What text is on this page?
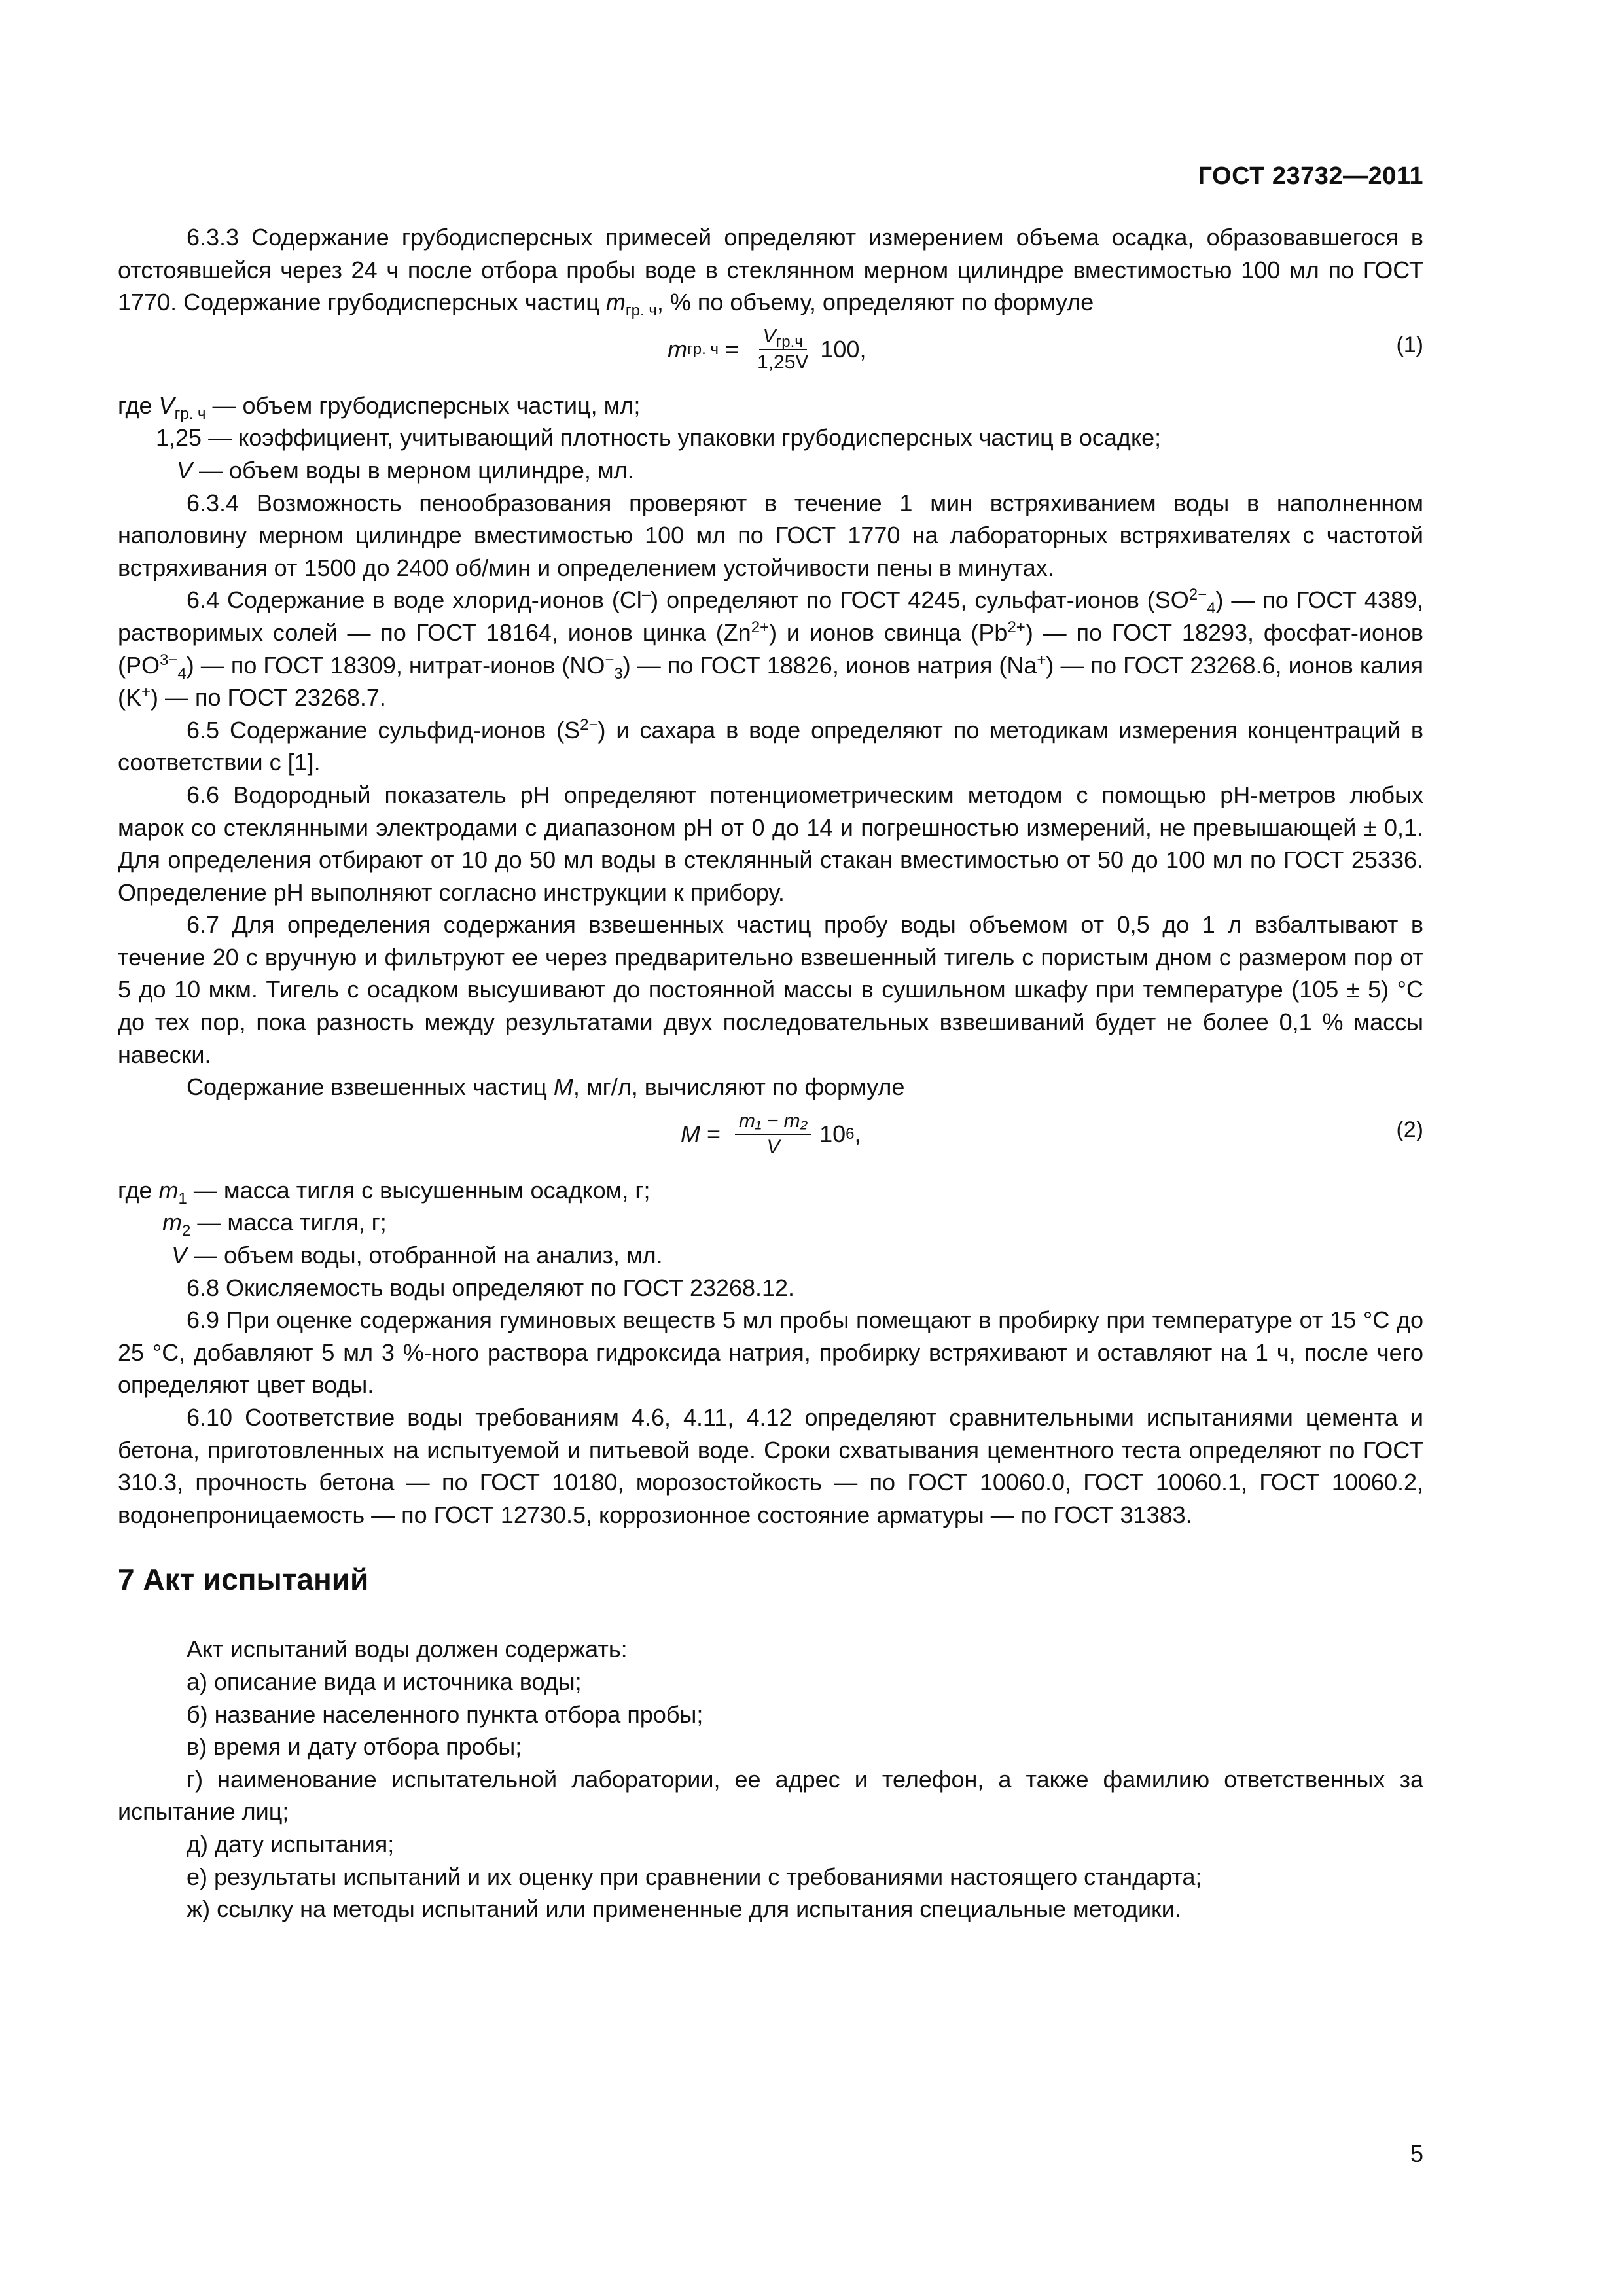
ГОСТ 23732—2011

6.3.3 Содержание грубодисперсных примесей определяют измерением объема осадка, образовавшегося в отстоявшейся через 24 ч после отбора пробы воде в стеклянном мерном цилиндре вместимостью 100 мл по ГОСТ 1770. Содержание грубодисперсных частиц $m_{гр. ч}$, % по объему, определяют по формуле

m гр. $ч = \frac{V_{гр.ч}}{1,25V} 100$,	(1)

где $V_{гр. ч}$ — объем грубодисперсных частиц, мл;

1,25 — коэффициент, учитывающий плотность упаковки грубодисперсных частиц в осадке;

V — объем воды в мерном цилиндре, мл.

6.3.4 Возможность пенообразования проверяют в течение 1 мин встряхиванием воды в наполненном наполовину мерном цилиндре вместимостью 100 мл по ГОСТ 1770 на лабораторных встряхивателях с частотой встряхивания от 1500 до 2400 об/мин и определением устойчивости пены в минутах.

6.4 Содержание в воде хлорид-ионов (Cl–) определяют по ГОСТ 4245, сульфат-ионов $(SO^{2-}_4)$ — по ГОСТ 4389, растворимых солей — по ГОСТ 18164, ионов цинка $(Zn^{2+})$ и ионов свинца $(Pb^{2+})$ — по ГОСТ 18293, фосфат-ионов $(PO^{3-}_4)$ — по ГОСТ 18309, нитрат-ионов $(NO^-_3)$ — по ГОСТ 18826, ионов натрия (Na+) — по ГОСТ 23268.6, ионов калия (K+) — по ГОСТ 23268.7.

6.5 Содержание сульфид-ионов $(S^{2-})$ и сахара в воде определяют по методикам измерения концентраций в соответствии с [1].

6.6 Водородный показатель рН определяют потенциометрическим методом с помощью рН-метров любых марок со стеклянными электродами с диапазоном рН от 0 до 14 и погрешностью измерений, не превышающей ± 0,1. Для определения отбирают от 10 до 50 мл воды в стеклянный стакан вместимостью от 50 до 100 мл по ГОСТ 25336. Определение рН выполняют согласно инструкции к прибору.

6.7 Для определения содержания взвешенных частиц пробу воды объемом от 0,5 до 1 л взбалтывают в течение 20 с вручную и фильтруют ее через предварительно взвешенный тигель с пористым дном с размером пор от 5 до 10 мкм. Тигель с осадком высушивают до постоянной массы в сушильном шкафу при температуре (105 ± 5) °С до тех пор, пока разность между результатами двух последовательных взвешиваний будет не более 0,1 % массы навески.

Содержание взвешенных частиц M, мг/л, вычисляют по формуле

$M = \frac{\text{m₁ − m₂}}{V} 10$ 6 ,	(2)

где $m_1$ — масса тигля с высушенным осадком, г;

$m_2$ — масса тигля, г;

V — объем воды, отобранной на анализ, мл.

6.8 Окисляемость воды определяют по ГОСТ 23268.12.

6.9 При оценке содержания гуминовых веществ 5 мл пробы помещают в пробирку при температуре от 15 °С до 25 °С, добавляют 5 мл 3 %-ного раствора гидроксида натрия, пробирку встряхивают и оставляют на 1 ч, после чего определяют цвет воды.

6.10 Соответствие воды требованиям 4.6, 4.11, 4.12 определяют сравнительными испытаниями цемента и бетона, приготовленных на испытуемой и питьевой воде. Сроки схватывания цементного теста определяют по ГОСТ 310.3, прочность бетона — по ГОСТ 10180, морозостойкость — по ГОСТ 10060.0, ГОСТ 10060.1, ГОСТ 10060.2, водонепроницаемость — по ГОСТ 12730.5, коррозионное состояние арматуры — по ГОСТ 31383.

7 Акт испытаний

Акт испытаний воды должен содержать:

а) описание вида и источника воды;

б) название населенного пункта отбора пробы;

в) время и дату отбора пробы;

г) наименование испытательной лаборатории, ее адрес и телефон, а также фамилию ответственных за испытание лиц;

д) дату испытания;

е) результаты испытаний и их оценку при сравнении с требованиями настоящего стандарта;

ж) ссылку на методы испытаний или примененные для испытания специальные методики.

5
